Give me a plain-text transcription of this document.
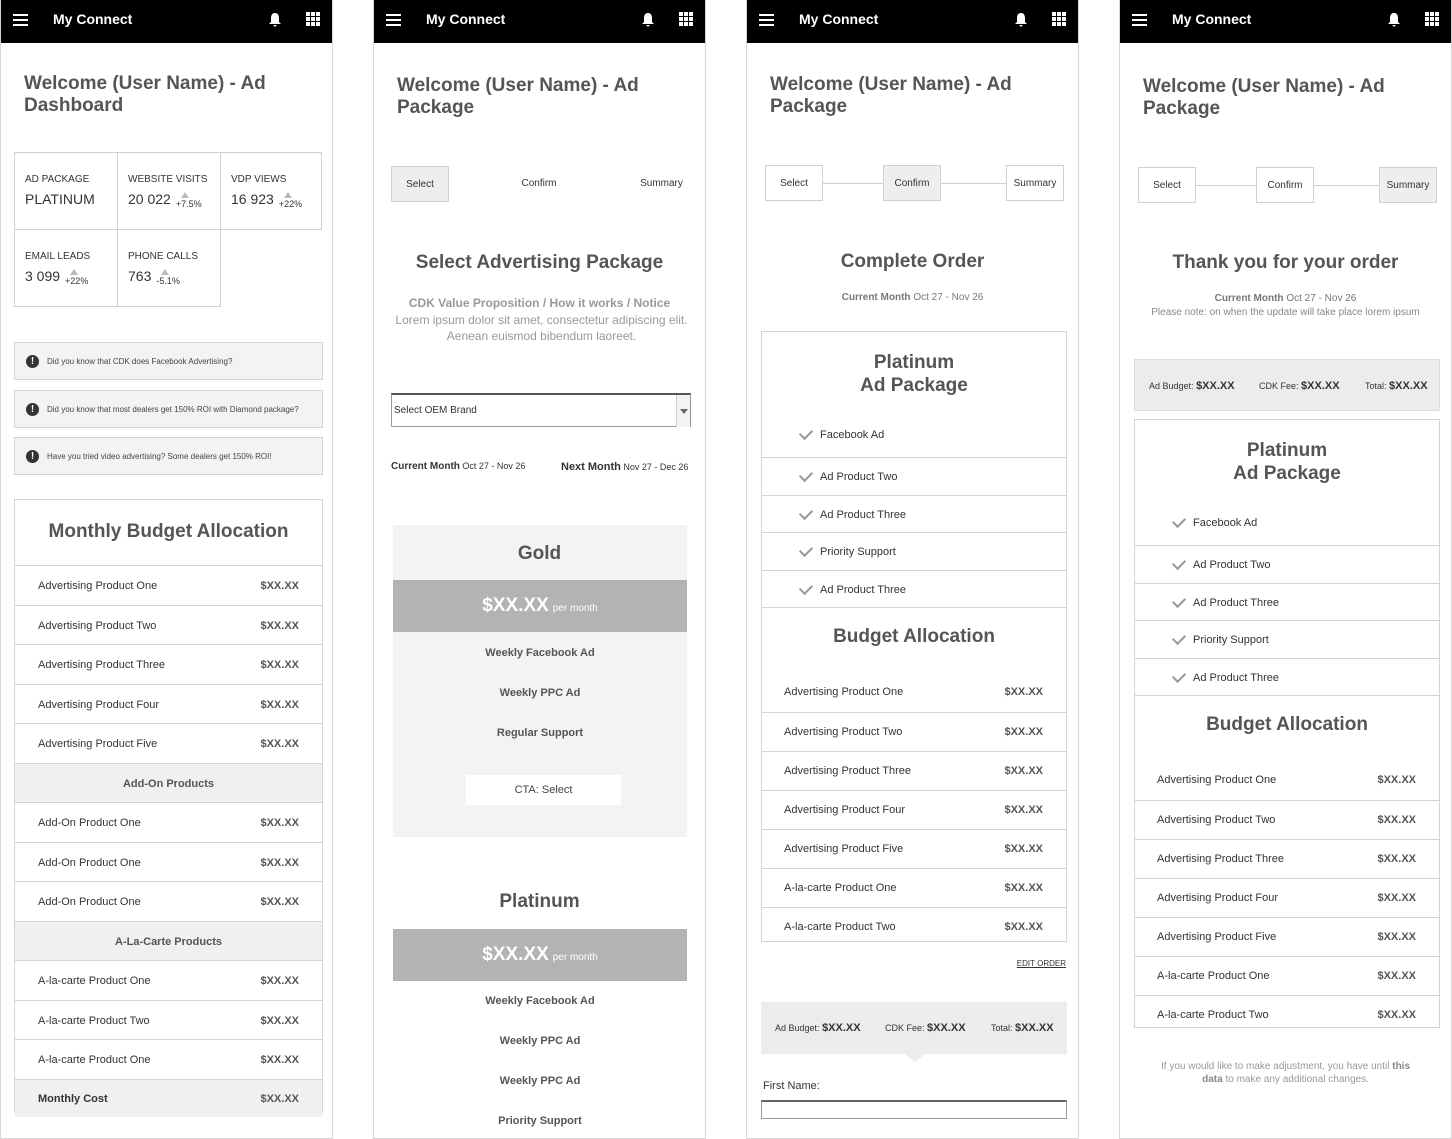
My Connect
Welcome (User Name) - Ad Dashboard
AD PACKAGE
PLATINUM
WEBSITE VISITS
20 022 $_{+7.5\%}$
VDP VIEWS
16 923 $_{+22\%}$
EMAIL LEADS
3 099 $_{+22\%}$
PHONE CALLS
763 $_{-5.1\%}$
!	Did you know that CDK does Facebook Advertising?
!	Did you know that most dealers get 150% ROI with Diamond package?
!	Have you tried video advertising? Some dealers get 150% ROI!
Monthly Budget Allocation
Advertising Product One	$XX.XX
Advertising Product Two	$XX.XX
Advertising Product Three	$XX.XX
Advertising Product Four	$XX.XX
Advertising Product Five	$XX.XX
Add-On Products
Add-On Product One	$XX.XX
Add-On Product One	$XX.XX
Add-On Product One	$XX.XX
A-La-Carte Products
A-la-carte Product One	$XX.XX
A-la-carte Product Two	$XX.XX
A-la-carte Product One	$XX.XX
Monthly Cost	$XX.XX
My Connect
Welcome (User Name) - Ad Package
Select	Confirm	Summary
Select Advertising Package
CDK Value Proposition / How it works / Notice
Lorem ipsum dolor sit amet, consectetur adipiscing elit. Aenean euismod bibendum laoreet.
Select OEM Brand
Current Month Oct 27 - Nov 26	Next Month Nov 27 - Dec 26
Gold
$XX.XX per month
Weekly Facebook Ad
Weekly PPC Ad
Regular Support
CTA: Select
Platinum
$XX.XX per month
Weekly Facebook Ad
Weekly PPC Ad
Weekly PPC Ad
Priority Support
My Connect
Welcome (User Name) - Ad Package
Select	Confirm	Summary
Complete Order
Current Month Oct 27 - Nov 26
Platinum
Ad Package
Facebook Ad
Ad Product Two
Ad Product Three
Priority Support
Ad Product Three
Budget Allocation
Advertising Product One	$XX.XX
Advertising Product Two	$XX.XX
Advertising Product Three	$XX.XX
Advertising Product Four	$XX.XX
Advertising Product Five	$XX.XX
A-la-carte Product One	$XX.XX
A-la-carte Product Two	$XX.XX
EDIT ORDER
Ad Budget: $XX.XX	CDK Fee: $XX.XX	Total: $XX.XX
First Name:
My Connect
Welcome (User Name) - Ad Package
Select	Confirm	Summary
Thank you for your order
Current Month Oct 27 - Nov 26
Please note: on when the update will take place lorem ipsum
Ad Budget: $XX.XX	CDK Fee: $XX.XX	Total: $XX.XX
Platinum
Ad Package
Facebook Ad
Ad Product Two
Ad Product Three
Priority Support
Ad Product Three
Budget Allocation
Advertising Product One	$XX.XX
Advertising Product Two	$XX.XX
Advertising Product Three	$XX.XX
Advertising Product Four	$XX.XX
Advertising Product Five	$XX.XX
A-la-carte Product One	$XX.XX
A-la-carte Product Two	$XX.XX
If you would like to make adjustment, you have until this
data to make any additional changes.
